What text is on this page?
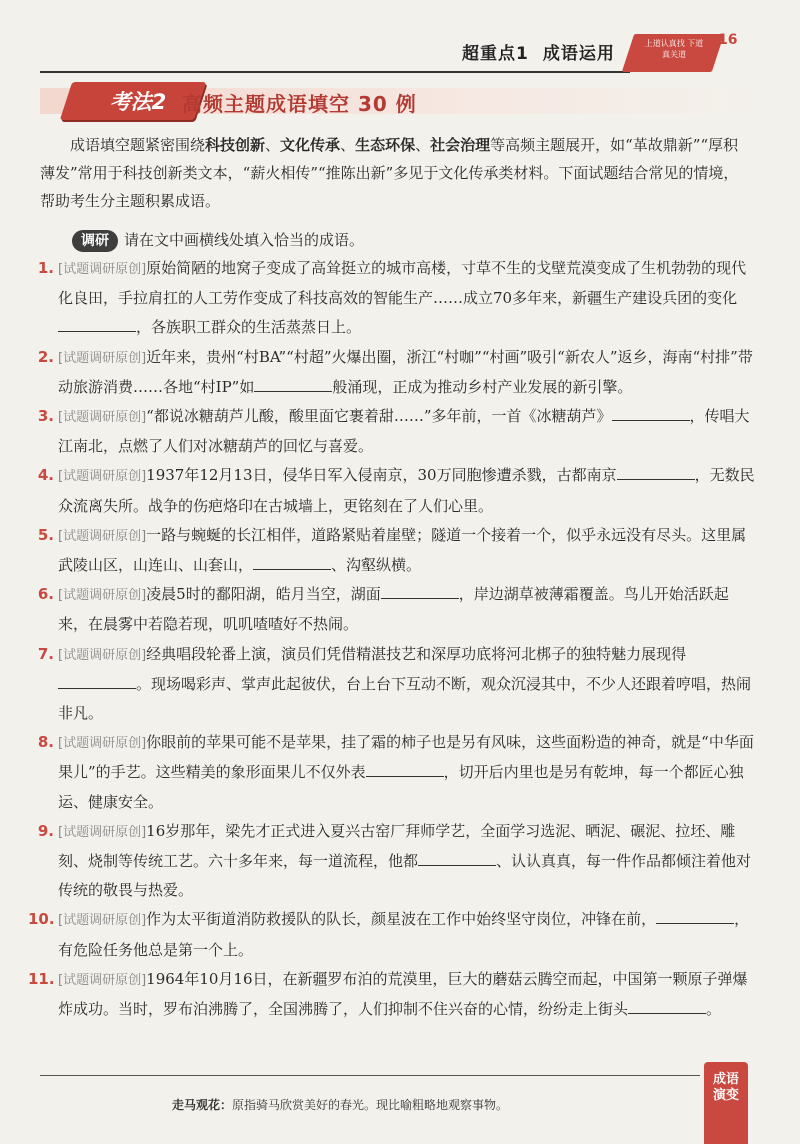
超重点1 成语运用
上道认真找 下道真关道
16
考法2 高频主题成语填空 30 例
成语填空题紧密围绕科技创新、文化传承、生态环保、社会治理等高频主题展开，如“革故鼎新”“厚积薄发”常用于科技创新类文本，“薪火相传”“推陈出新”多见于文化传承类材料。下面试题结合常见的情境，帮助考生分主题积累成语。
调研 请在文中画横线处填入恰当的成语。
1. [试题调研原创]原始简陋的地窝子变成了高耸挺立的城市高楼，寸草不生的戈壁荒漠变成了生机勃勃的现代化良田，手拉肩扛的人工劳作变成了科技高效的智能生产……成立70多年来，新疆生产建设兵团的变化，各族职工群众的生活蒸蒸日上。
2. [试题调研原创]近年来，贵州“村BA”“村超”火爆出圈，浙江“村咖”“村画”吸引“新农人”返乡，海南“村排”带动旅游消费……各地“村IP”如	般涌现，正成为推动乡村产业发展的新引擎。
3. [试题调研原创]“都说冰糖葫芦儿酸，酸里面它裹着甜……”多年前，一首《冰糖葫芦》	，传唱大江南北，点燃了人们对冰糖葫芦的回忆与喜爱。
4. [试题调研原创]1937年12月13日，侵华日军入侵南京，30万同胞惨遭杀戮，古都南京	，无数民众流离失所。战争的伤疤烙印在古城墙上，更铭刻在了人们心里。
5. [试题调研原创]一路与蜿蜒的长江相伴，道路紧贴着崖壁；隧道一个接着一个，似乎永远没有尽头。这里属武陵山区，山连山、山套山，	、沟壑纵横。
6. [试题调研原创]凌晨5时的鄱阳湖，皓月当空，湖面	，岸边湖草被薄霜覆盖。鸟儿开始活跃起来，在晨雾中若隐若现，叽叽喳喳好不热闹。
7. [试题调研原创]经典唱段轮番上演，演员们凭借精湛技艺和深厚功底将河北梆子的独特魅力展现得。现场喝彩声、掌声此起彼伏，台上台下互动不断，观众沉浸其中，不少人还跟着哼唱，热闹非凡。
8. [试题调研原创]你眼前的苹果可能不是苹果，挂了霜的柿子也是另有风味，这些面粉造的神奇，就是“中华面果儿”的手艺。这些精美的象形面果儿不仅外表	，切开后内里也是另有乾坤，每一个都匠心独运、健康安全。
9. [试题调研原创]16岁那年，梁先才正式进入夏兴古窑厂拜师学艺，全面学习选泥、晒泥、碾泥、拉坯、雕刻、烧制等传统工艺。六十多年来，每一道流程，他都	、认认真真，每一件作品都倾注着他对传统的敬畏与热爱。
10. [试题调研原创]作为太平街道消防救援队的队长，颜星波在工作中始终坚守岗位，冲锋在前，	，有危险任务他总是第一个上。
11. [试题调研原创]1964年10月16日，在新疆罗布泊的荒漠里，巨大的蘑菇云腾空而起，中国第一颗原子弹爆炸成功。当时，罗布泊沸腾了，全国沸腾了，人们抑制不住兴奋的心情，纷纷走上街头	。
走马观花：原指骑马欣赏美好的春光。现比喻粗略地观察事物。
成语演变
